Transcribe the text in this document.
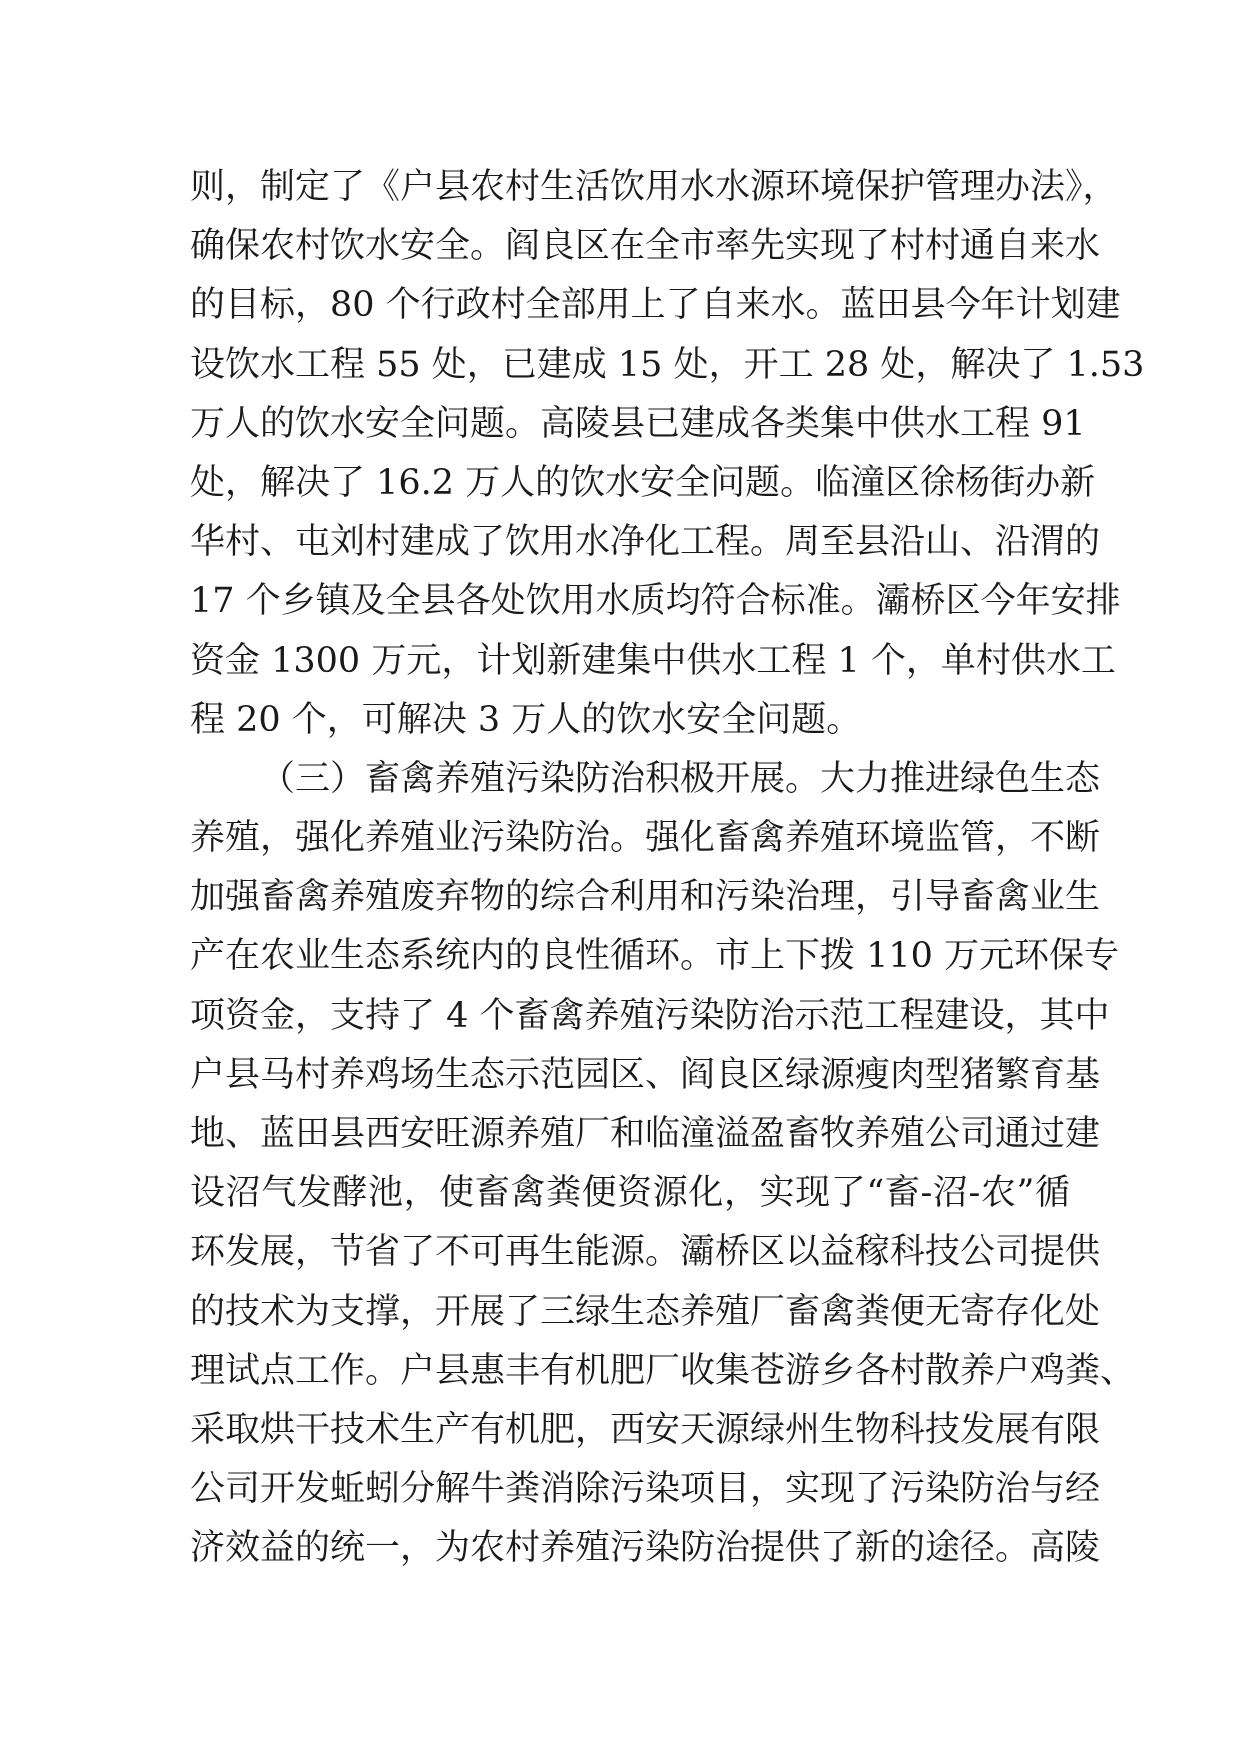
则，制定了《户县农村生活饮用水水源环境保护管理办法》，
确保农村饮水安全。阎良区在全市率先实现了村村通自来水
的目标，80 个行政村全部用上了自来水。蓝田县今年计划建
设饮水工程 55 处，已建成 15 处，开工 28 处，解决了 1.53
万人的饮水安全问题。高陵县已建成各类集中供水工程 91
处，解决了 16.2 万人的饮水安全问题。临潼区徐杨街办新
华村、屯刘村建成了饮用水净化工程。周至县沿山、沿渭的
17 个乡镇及全县各处饮用水质均符合标准。灞桥区今年安排
资金 1300 万元，计划新建集中供水工程 1 个，单村供水工
程 20 个，可解决 3 万人的饮水安全问题。
（三）畜禽养殖污染防治积极开展。大力推进绿色生态
养殖，强化养殖业污染防治。强化畜禽养殖环境监管，不断
加强畜禽养殖废弃物的综合利用和污染治理，引导畜禽业生
产在农业生态系统内的良性循环。市上下拨 110 万元环保专
项资金，支持了 4 个畜禽养殖污染防治示范工程建设，其中
户县马村养鸡场生态示范园区、阎良区绿源瘦肉型猪繁育基
地、蓝田县西安旺源养殖厂和临潼溢盈畜牧养殖公司通过建
设沼气发酵池，使畜禽粪便资源化，实现了“畜-沼-农”循
环发展，节省了不可再生能源。灞桥区以益稼科技公司提供
的技术为支撑，开展了三绿生态养殖厂畜禽粪便无寄存化处
理试点工作。户县惠丰有机肥厂收集苍游乡各村散养户鸡粪、
采取烘干技术生产有机肥，西安天源绿州生物科技发展有限
公司开发蚯蚓分解牛粪消除污染项目，实现了污染防治与经
济效益的统一，为农村养殖污染防治提供了新的途径。高陵
